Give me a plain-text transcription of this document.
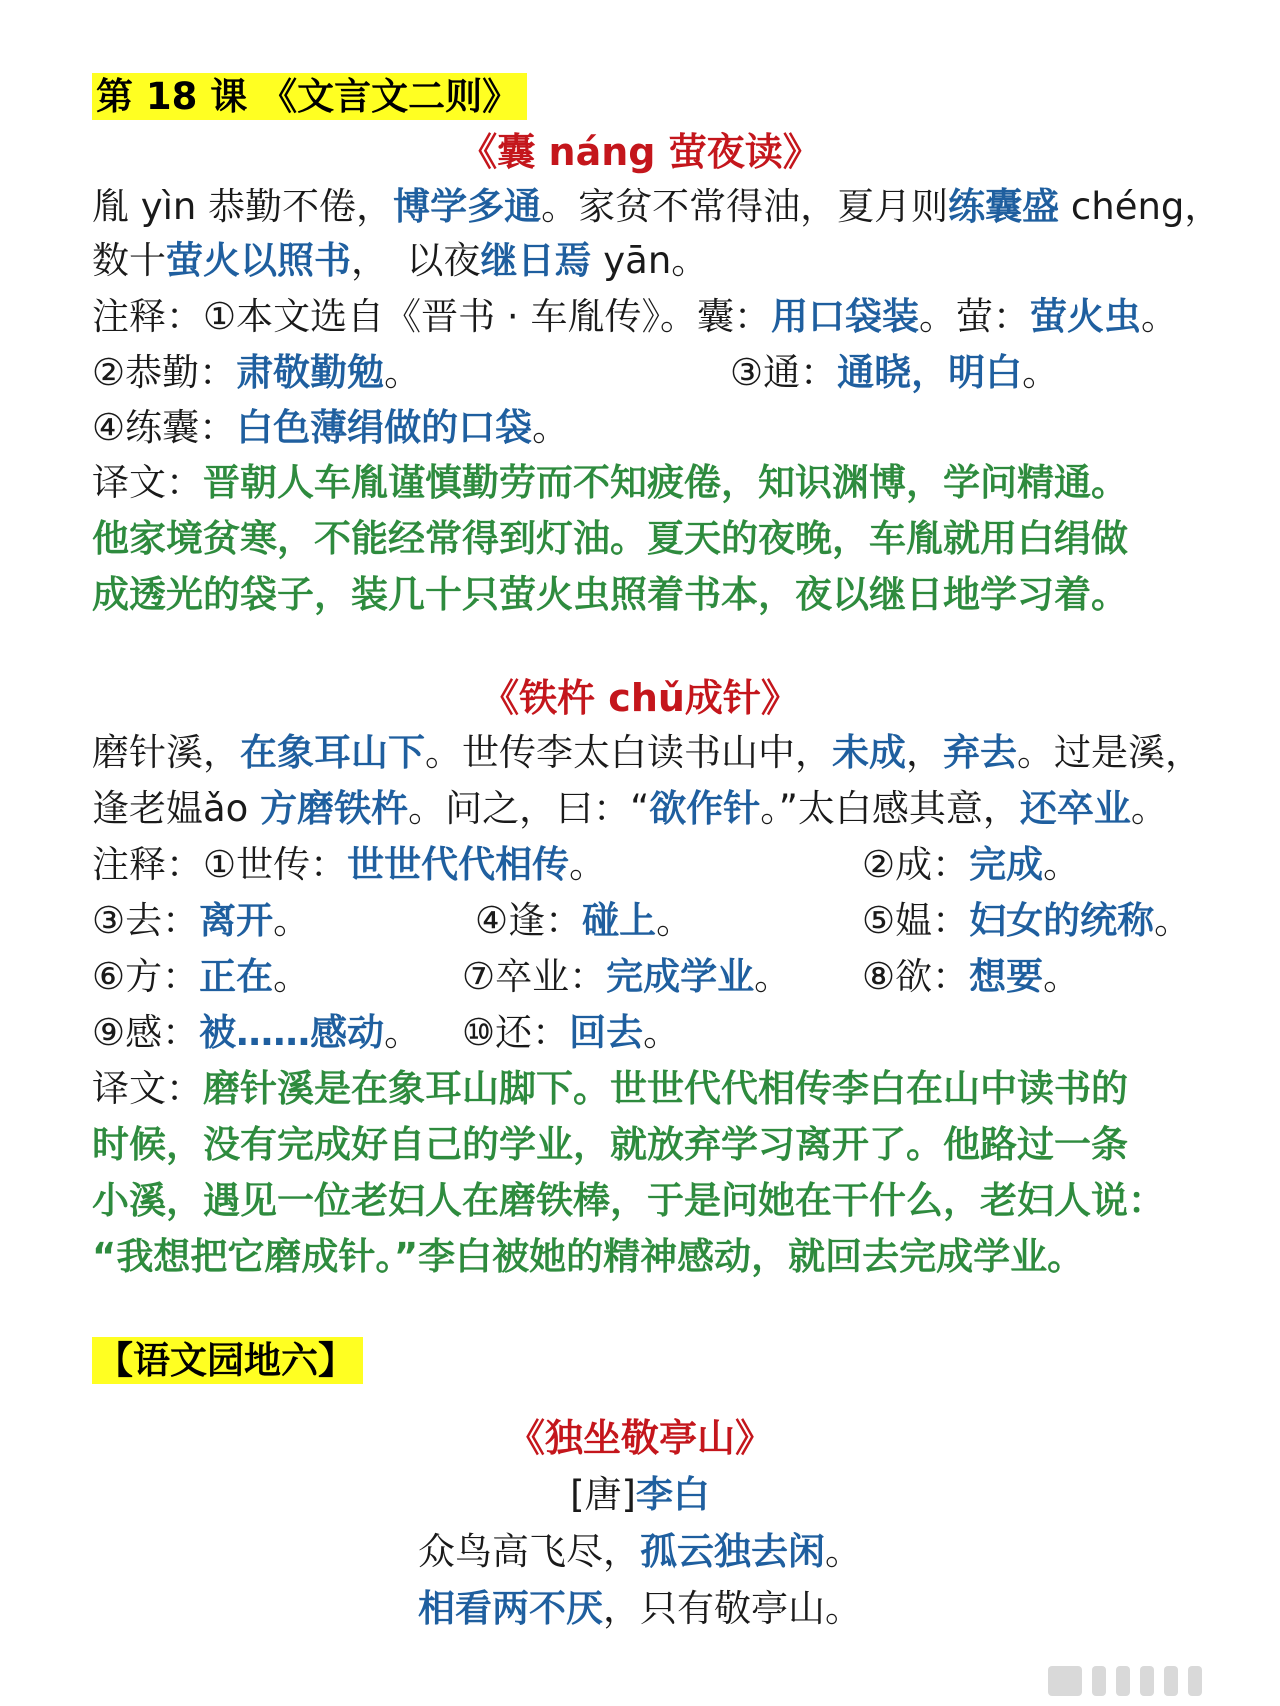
第 18 课 《文言文二则》
《囊 náng 萤夜读》
胤 yìn 恭勤不倦，博学多通。家贫不常得油，夏月则练囊盛 chéng，
数十萤火以照书，　以夜继日焉 yān。
注释：①本文选自《晋书 · 车胤传》。囊：用口袋装。萤：萤火虫。
②恭勤：肃敬勤勉。	③通：通晓，明白。
④练囊：白色薄绢做的口袋。
译文：晋朝人车胤谨慎勤劳而不知疲倦，知识渊博，学问精通。
他家境贫寒，不能经常得到灯油。夏天的夜晚，车胤就用白绢做
成透光的袋子，装几十只萤火虫照着书本，夜以继日地学习着。
《铁杵 chǔ成针》
磨针溪，在象耳山下。世传李太白读书山中，未成，弃去。过是溪，
逢老媪ǎo 方磨铁杵。问之，曰：“欲作针。”太白感其意，还卒业。
注释：①世传：世世代代相传。	②成：完成。
③去：离开。	④逢：碰上。	⑤媪：妇女的统称。
⑥方：正在。	⑦卒业：完成学业。 ⑧欲：想要。
⑨感：被……感动。 ⑩还：回去。
译文：磨针溪是在象耳山脚下。世世代代相传李白在山中读书的
时候，没有完成好自己的学业，就放弃学习离开了。他路过一条
小溪，遇见一位老妇人在磨铁棒，于是问她在干什么，老妇人说：
“我想把它磨成针。”李白被她的精神感动，就回去完成学业。
【语文园地六】
《独坐敬亭山》
[唐]李白
众鸟高飞尽，孤云独去闲。
相看两不厌，只有敬亭山。
